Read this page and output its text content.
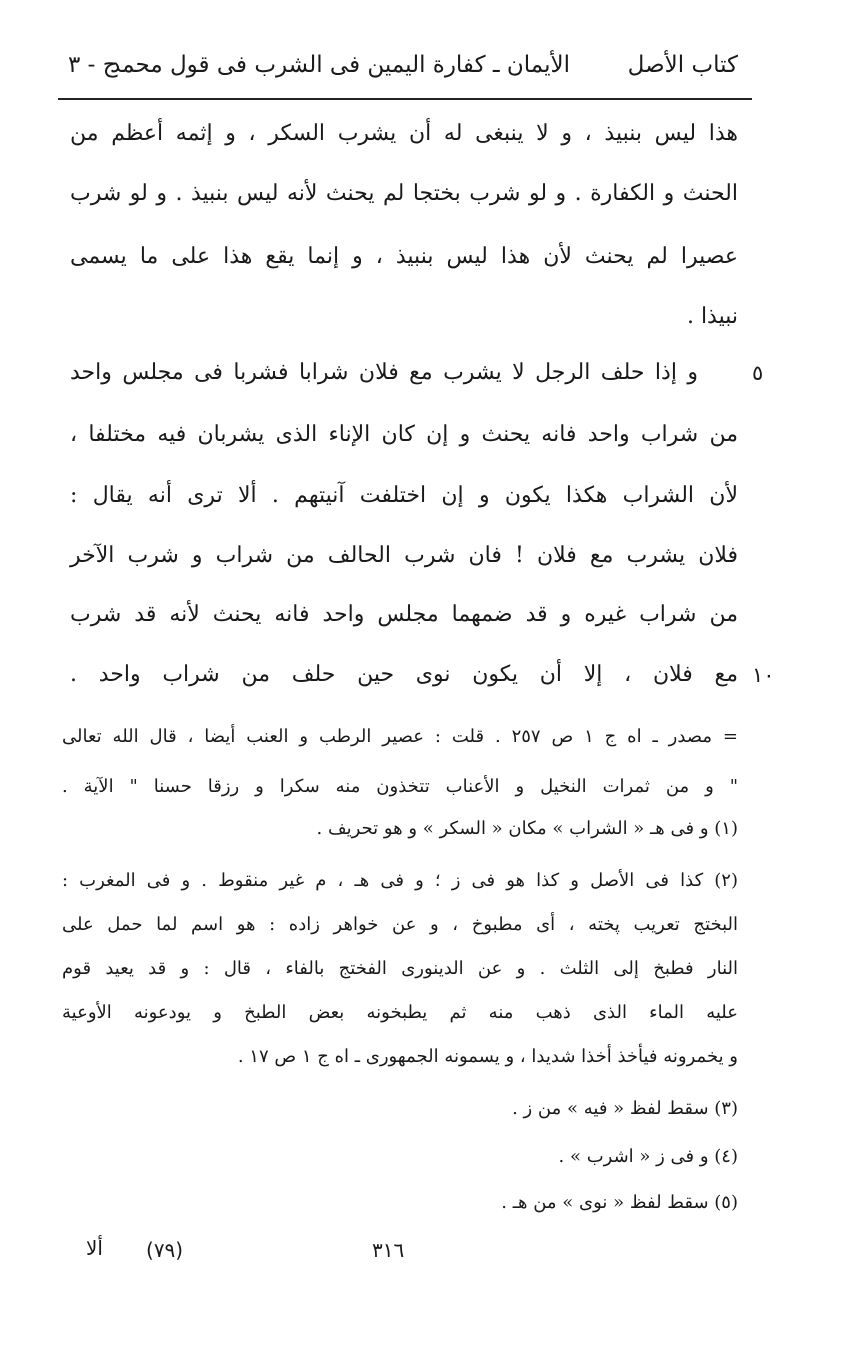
كتاب الأصل
الأيمان ـ كفارة اليمين فى الشرب فى قول محمد
ج - ٣
هذا ليس بنبيذ ، و لا ينبغى له أن يشرب السكر ، و إثمه أعظم من
الحنث و الكفارة . و لو شرب بختجا لم يحنث لأنه ليس بنبيذ . و لو شرب
عصيرا لم يحنث لأن هذا ليس بنبيذ ، و إنما يقع هذا على ما يسمى
نبيذا .
و إذا حلف الرجل لا يشرب مع فلان شرابا فشربا فى مجلس واحد
من شراب واحد فانه يحنث و إن كان الإناء الذى يشربان فيه مختلفا ،
لأن الشراب هكذا يكون و إن اختلفت آنيتهم . ألا ترى أنه يقال :
فلان يشرب مع فلان ! فان شرب الحالف من شراب و شرب الآخر
من شراب غيره و قد ضمهما مجلس واحد فانه يحنث لأنه قد شرب
مع فلان ، إلا أن يكون نوى حين حلف من شراب واحد .
٥
١٠
= مصدر ـ اه ج ١ ص ٢٥٧ . قلت : عصير الرطب و العنب أيضا ، قال الله تعالى
" و من ثمرات النخيل و الأعناب تتخذون منه سكرا و رزقا حسنا " الآية .
(١) و فى هـ « الشراب » مكان « السكر » و هو تحريف .
(٢) كذا فى الأصل و كذا هو فى ز ؛ و فى هـ ، م غير منقوط . و فى المغرب :
البختج تعريب پخته ، أى مطبوخ ، و عن خواهر زاده : هو اسم لما حمل على
النار فطبخ إلى الثلث . و عن الدينورى الفختج بالفاء ، قال : و قد يعيد قوم
عليه الماء الذى ذهب منه ثم يطبخونه بعض الطبخ و يودعونه الأوعية
و يخمرونه فيأخذ أخذا شديدا ، و يسمونه الجمهورى ـ اه ج ١ ص ١٧ .
(٣) سقط لفظ « فيه » من ز .
(٤) و فى ز « اشرب » .
(٥) سقط لفظ « نوى » من هـ .
ألا (٧٩)	٣١٦
